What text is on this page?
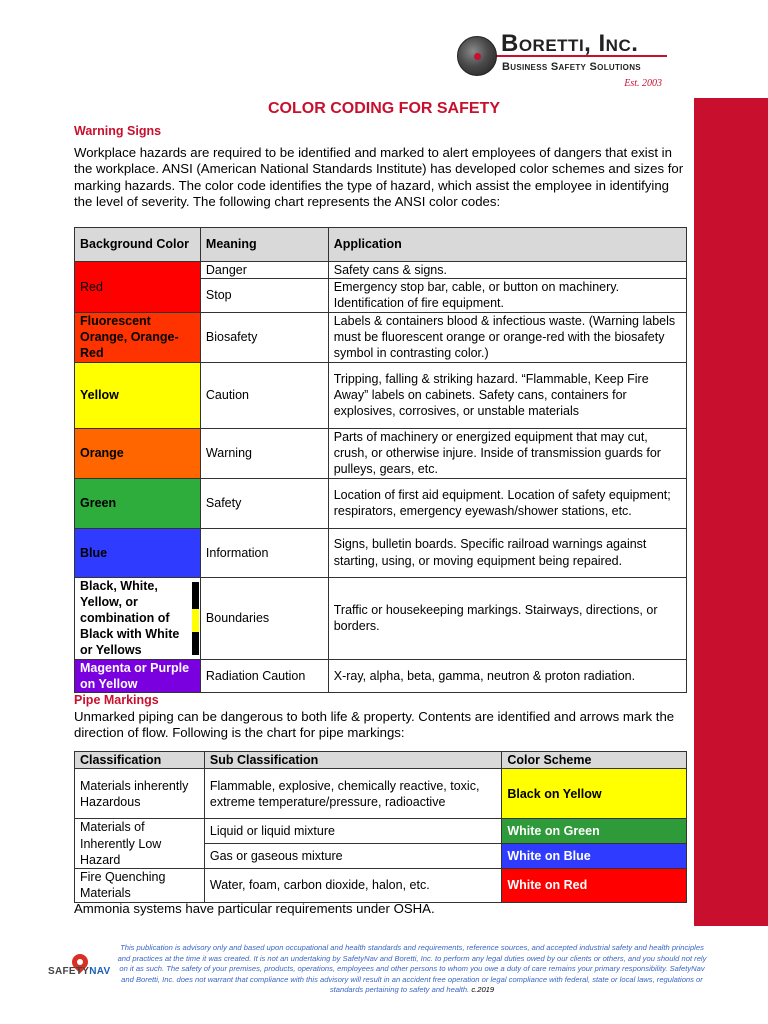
Boretti, Inc.
Business Safety Solutions
Est. 2003
COLOR CODING FOR SAFETY
Warning Signs
Workplace hazards are required to be identified and marked to alert employees of dangers that exist in the workplace. ANSI (American National Standards Institute) has developed color schemes and sizes for marking hazards. The color code identifies the type of hazard, which assist the employee in identifying the level of severity. The following chart represents the ANSI color codes:
Background Color	Meaning	Application
Red	Danger	Safety cans & signs.
	Stop	Emergency stop bar, cable, or button on machinery. Identification of fire equipment.
Fluorescent Orange, Orange-Red	Biosafety	Labels & containers blood & infectious waste. (Warning labels must be fluorescent orange or orange-red with the biosafety symbol in contrasting color.)
Yellow	Caution	Tripping, falling & striking hazard. “Flammable, Keep Fire Away” labels on cabinets. Safety cans, containers for explosives, corrosives, or unstable materials
Orange	Warning	Parts of machinery or energized equipment that may cut, crush, or otherwise injure. Inside of transmission guards for pulleys, gears, etc.
Green	Safety	Location of first aid equipment. Location of safety equipment; respirators, emergency eyewash/shower stations, etc.
Blue	Information	Signs, bulletin boards. Specific railroad warnings against starting, using, or moving equipment being repaired.
Black, White, Yellow, or combination of Black with White or Yellows	Boundaries	Traffic or housekeeping markings. Stairways, directions, or borders.
Magenta or Purple on Yellow	Radiation Caution	X-ray, alpha, beta, gamma, neutron & proton radiation.
Pipe Markings
Unmarked piping can be dangerous to both life & property. Contents are identified and arrows mark the direction of flow. Following is the chart for pipe markings:
Classification	Sub Classification	Color Scheme
Materials inherently Hazardous	Flammable, explosive, chemically reactive, toxic, extreme temperature/pressure, radioactive	Black on Yellow
Materials of Inherently Low Hazard	Liquid or liquid mixture	White on Green
	Gas or gaseous mixture	White on Blue
Fire Quenching Materials	Water, foam, carbon dioxide, halon, etc.	White on Red
Ammonia systems have particular requirements under OSHA.
SAFETYNAV
This publication is advisory only and based upon occupational and health standards and requirements, reference sources, and accepted industrial safety and health principles and practices at the time it was created. It is not an undertaking by SafetyNav and Boretti, Inc. to perform any legal duties owed by our clients or others, and you should not rely on it as such. The safety of your premises, products, operations, employees and other persons to whom you owe a duty of care remains your primary responsibility. SafetyNav and Boretti, Inc. does not warrant that compliance with this advisory will result in an accident free operation or legal compliance with federal, state or local laws, regulations or standards pertaining to safety and health. c.2019
